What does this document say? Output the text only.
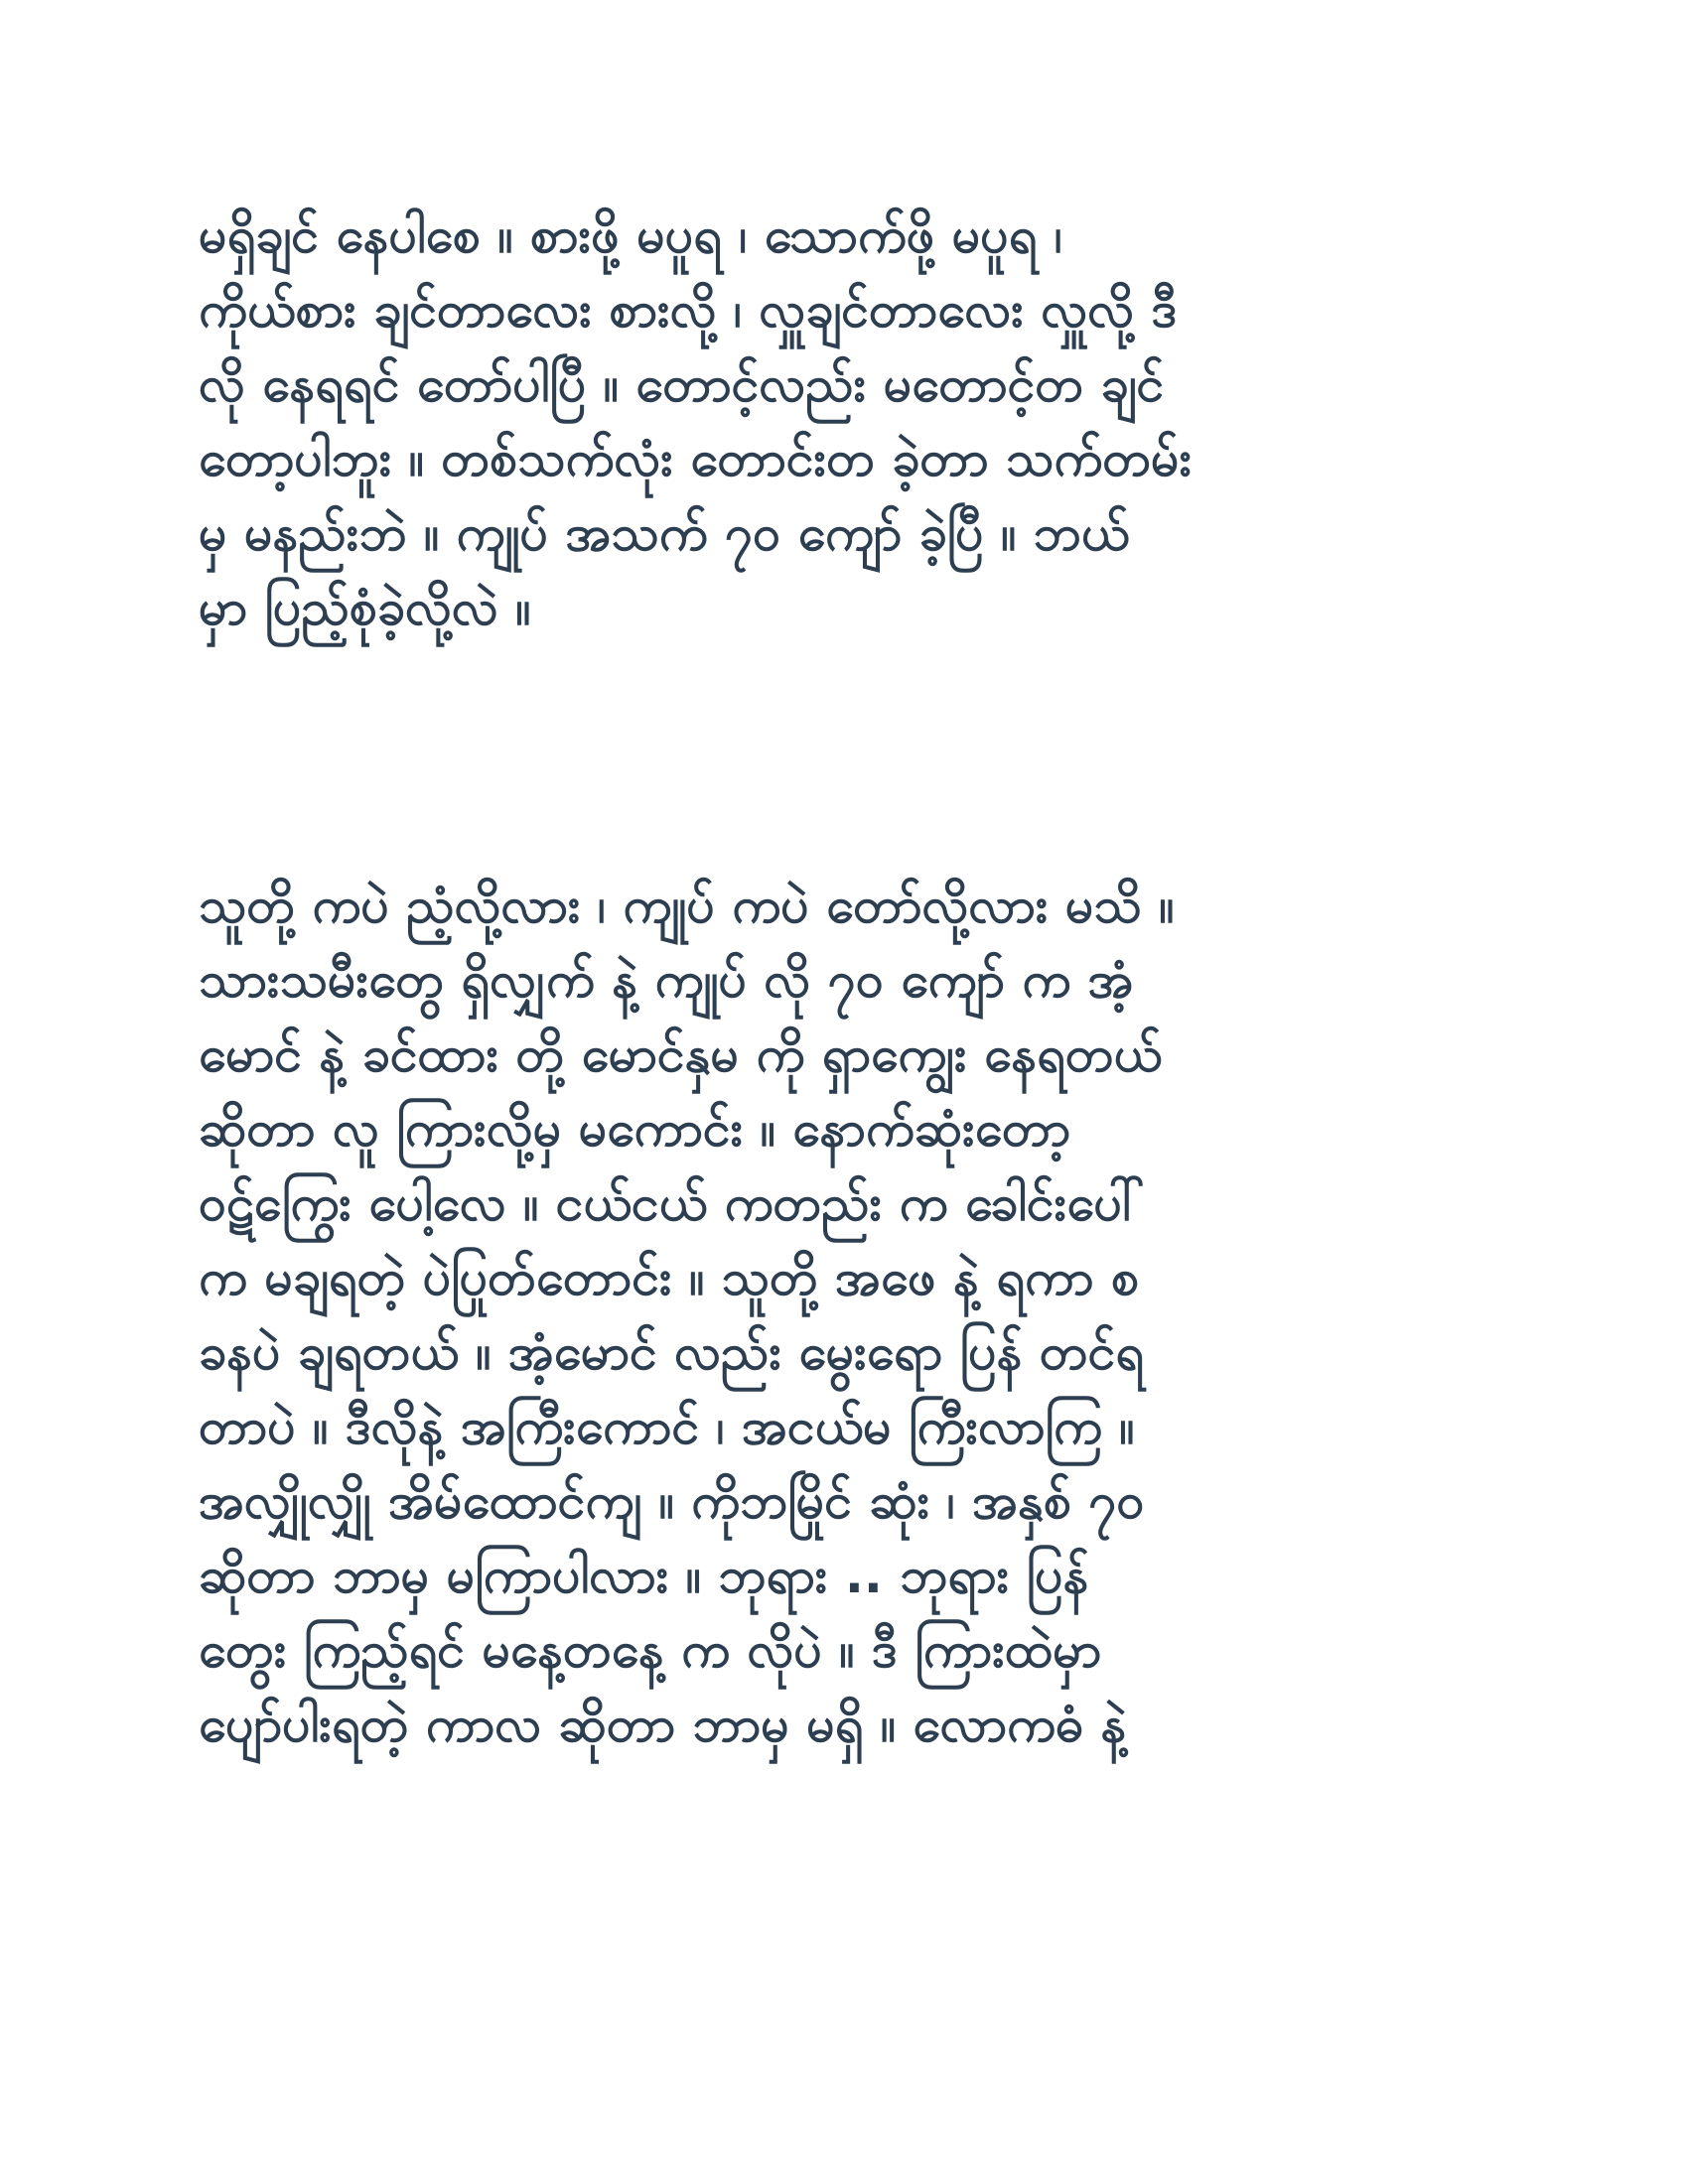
မရှိချင် နေပါစေ ။ စားဖို့ မပူရ ၊ သောက်ဖို့ မပူရ ၊
ကိုယ်စား ချင်တာလေး စားလို့ ၊ လှူချင်တာလေး လှူလို့ ဒီ
လို နေရရင် တော်ပါပြီ ။ တောင့်လည်း မတောင့်တ ချင်
တော့ပါဘူး ။ တစ်သက်လုံး တောင်းတ ခဲ့တာ သက်တမ်း
မှ မနည်းဘဲ ။ ကျုပ် အသက် ၇၀ ကျော် ခဲ့ပြီ ။ ဘယ်
မှာ ပြည့်စုံခဲ့လို့လဲ ။
သူတို့ ကပဲ ညံ့လို့လား ၊ ကျုပ် ကပဲ တော်လို့လား မသိ ။
သားသမီးတွေ ရှိလျှက် နဲ့ ကျုပ် လို ၇၀ ကျော် က အံ့
မောင် နဲ့ ခင်ထား တို့ မောင်နှမ ကို ရှာကျွေး နေရတယ်
ဆိုတာ လူ ကြားလို့မှ မကောင်း ။ နောက်ဆုံးတော့
ဝဋ်ကြွေး ပေါ့လေ ။ ငယ်ငယ် ကတည်း က ခေါင်းပေါ်
က မချရတဲ့ ပဲပြုတ်တောင်း ။ သူတို့ အဖေ နဲ့ ရကာ စ
ခနပဲ ချရတယ် ။ အံ့မောင် လည်း မွေးရော ပြန် တင်ရ
တာပဲ ။ ဒီလိုနဲ့ အကြီးကောင် ၊ အငယ်မ ကြီးလာကြ ။
အလျှိုလျှို အိမ်ထောင်ကျ ။ ကိုဘမြိုင် ဆုံး ၊ အနှစ် ၇၀
ဆိုတာ ဘာမှ မကြာပါလား ။ ဘုရား .. ဘုရား ပြန်
တွေး ကြည့်ရင် မနေ့တနေ့ က လိုပဲ ။ ဒီ ကြားထဲမှာ
ပျော်ပါးရတဲ့ ကာလ ဆိုတာ ဘာမှ မရှိ ။ လောကဓံ နဲ့
